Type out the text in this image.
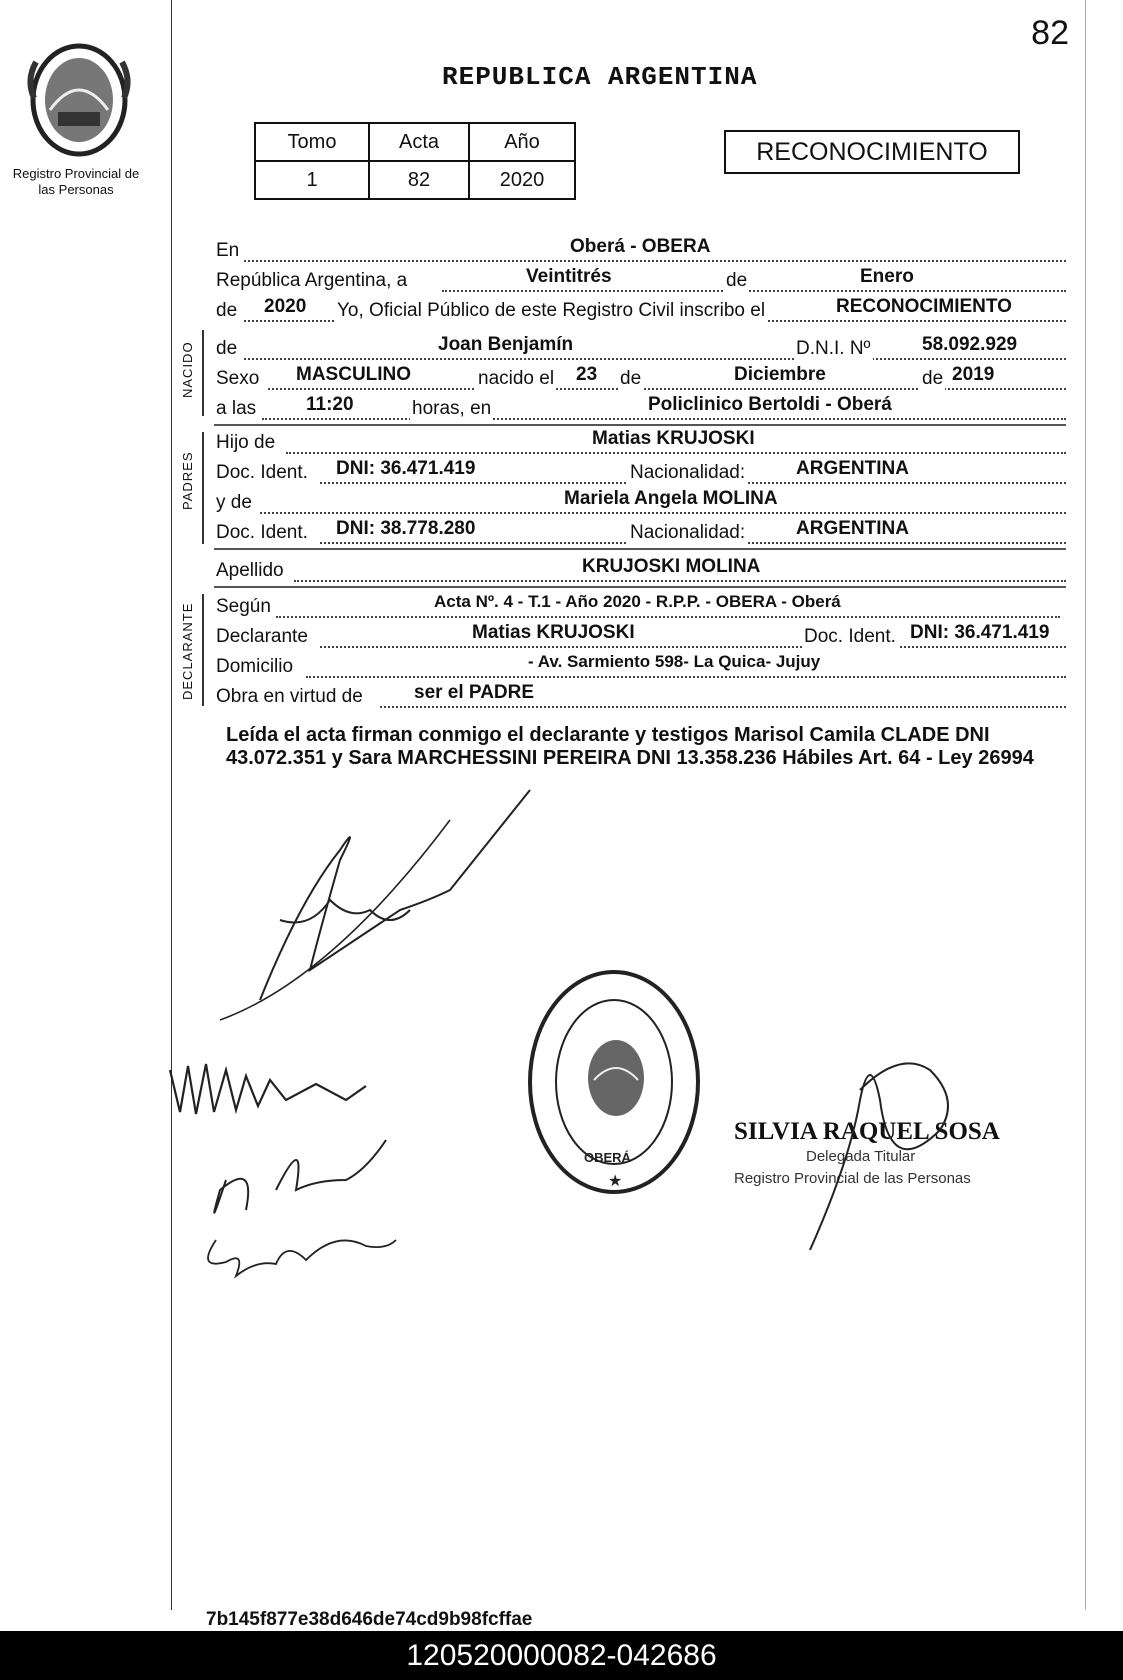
82
Registro Provincial de las Personas
REPUBLICA ARGENTINA
Tomo	Acta	Año
1	82	2020
RECONOCIMIENTO
En	Oberá - OBERA
República Argentina, a	Veintitrés	de	Enero
de 2020 Yo, Oficial Público de este Registro Civil inscribo el	RECONOCIMIENTO
NACIDO de	Joan Benjamín	D.N.I. Nº	58.092.929
Sexo MASCULINO	nacido el 23 de	Diciembre	de 2019
a las	11:20	horas, en	Policlinico Bertoldi - Oberá
PADRES
Hijo de	Matias KRUJOSKI
Doc. Ident. DNI: 36.471.419	Nacionalidad:	ARGENTINA
y de	Mariela Angela MOLINA
Doc. Ident. DNI: 38.778.280	Nacionalidad:	ARGENTINA
Apellido	KRUJOSKI MOLINA
DECLARANTE Según	Acta Nº. 4 - T.1 - Año 2020 - R.P.P. - OBERA - Oberá
Declarante	Matias KRUJOSKI	Doc. Ident. DNI: 36.471.419
Domicilio	- Av. Sarmiento 598- La Quica- Jujuy
Obra en virtud de	ser el PADRE
Leída el acta firman conmigo el declarante y testigos Marisol Camila CLADE DNI 43.072.351 y Sara MARCHESSINI PEREIRA DNI 13.358.236 Hábiles Art. 64 - Ley 26994
OBERÁ
★
SILVIA RAQUEL SOSA
Delegada Titular
Registro Provincial de las Personas
7b145f877e38d646de74cd9b98fcffae
120520000082-042686
